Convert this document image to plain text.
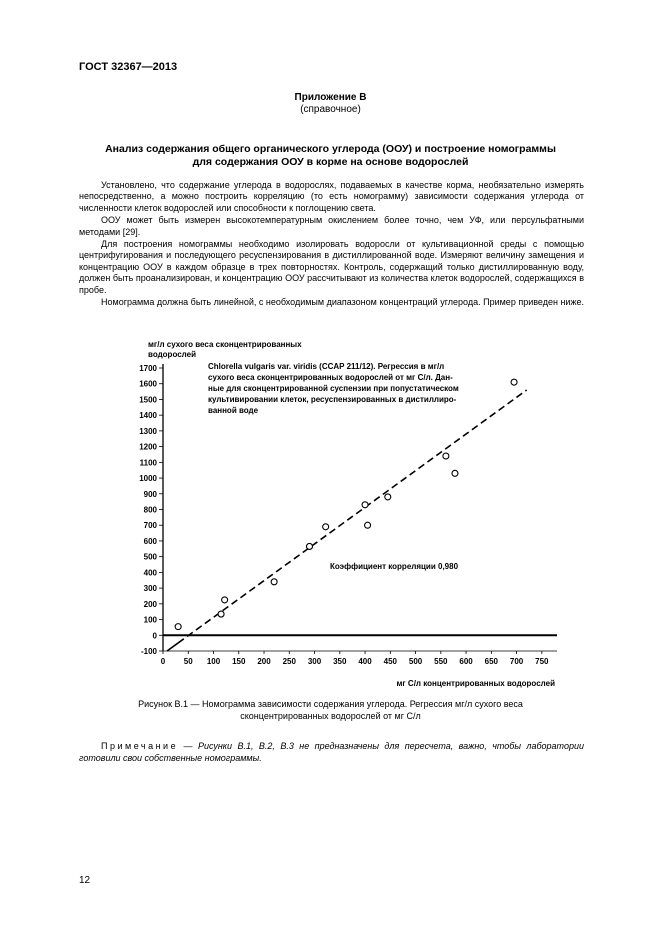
ГОСТ 32367—2013
Приложение В
(справочное)
Анализ содержания общего органического углерода (ООУ) и построение номограммы
для содержания ООУ в корме на основе водорослей

Установлено, что содержание углерода в водорослях, подаваемых в качестве корма, необязательно измерять непосредственно, а можно построить корреляцию (то есть номограмму) зависимости содержания углерода от численности клеток водорослей или способности к поглощению света.

ООУ может быть измерен высокотемпературным окислением более точно, чем УФ, или персульфатными методами [29].

Для построения номограммы необходимо изолировать водоросли от культивационной среды с помощью центрифугирования и последующего ресуспензирования в дистиллированной воде. Измеряют величину замещения и концентрацию ООУ в каждом образце в трех повторностях. Контроль, содержащий только дистиллированную воду, должен быть проанализирован, и концентрацию ООУ рассчитывают из количества клеток водорослей, содержащихся в пробе.

Номограмма должна быть линейной, с необходимым диапазоном концентраций углерода. Пример приведен ниже.

-100
0
100
200
300
400
500
600
700
800
900
1000
1100
1200
1300
1400
1500
1600
1700
0 50 100 150 200 250 300 350 400 450 500 550 600 650 700 750
мг/л сухого веса сконцентрированных
водорослей
Chlorella vulgaris var. viridis (CCAP 211/12). Регрессия в мг/л
сухого веса сконцентрированных водорослей от мг С/л. Дан-
ные для сконцентрированной суспензии при попустатическом
культивировании клеток, ресуспензированных в дистиллиро-
ванной воде
Коэффициент корреляции 0,980
мг С/л концентрированных водорослей
Рисунок В.1 — Номограмма зависимости содержания углерода. Регрессия мг/л сухого веса
сконцентрированных водорослей от мг С/л
Примечание — Рисунки В.1, В.2, В.3 не предназначены для пересчета, важно, чтобы лаборатории готовили свои собственные номограммы.
12
